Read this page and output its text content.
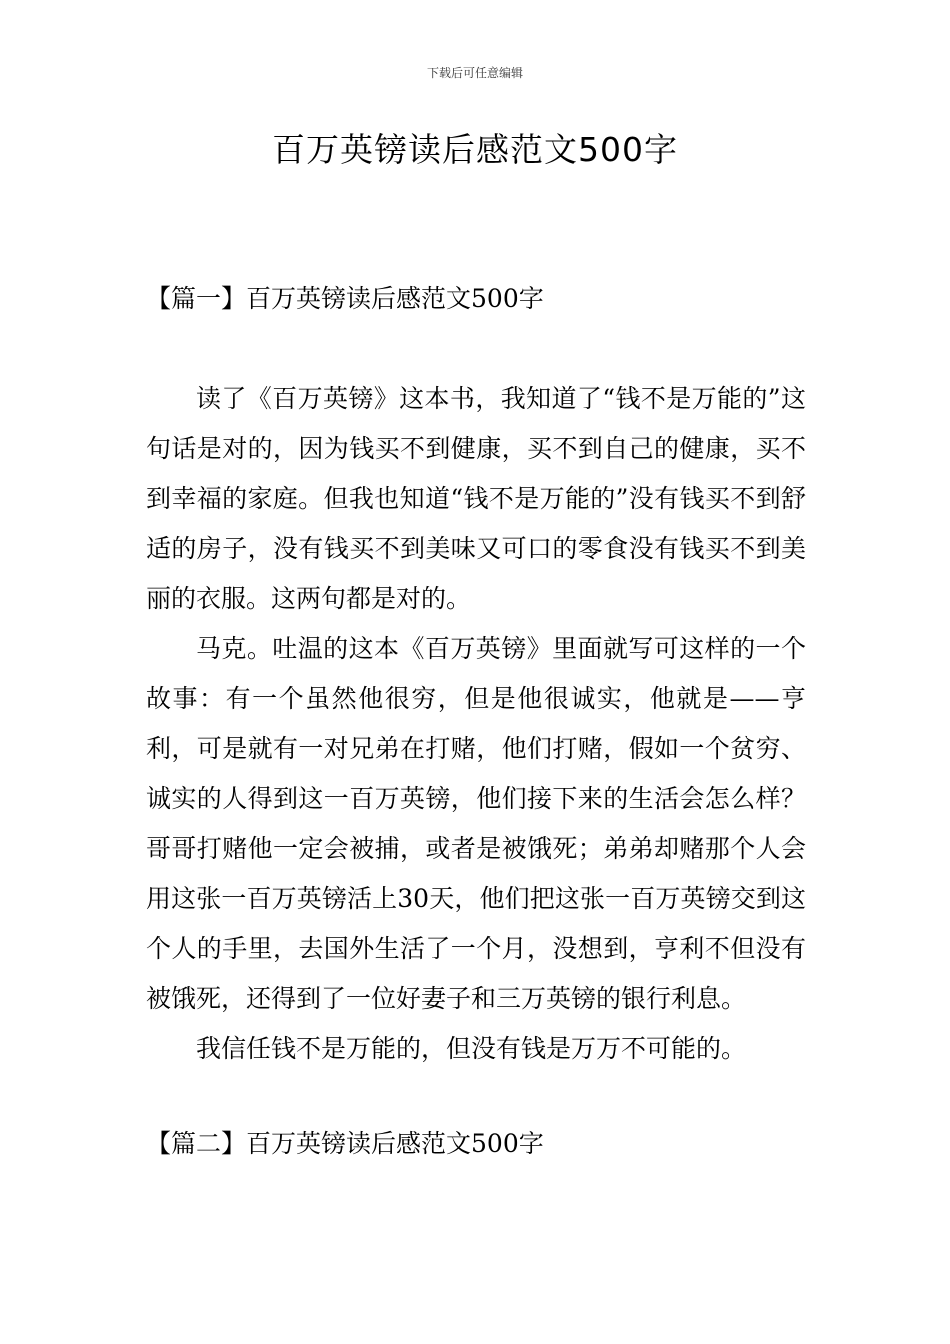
下载后可任意编辑
百万英镑读后感范文500字
【篇一】百万英镑读后感范文500字

读了《百万英镑》这本书，我知道了“钱不是万能的”这句话是对的，因为钱买不到健康，买不到自己的健康，买不到幸福的家庭。但我也知道“钱不是万能的”没有钱买不到舒适的房子，没有钱买不到美味又可口的零食没有钱买不到美丽的衣服。这两句都是对的。

马克。吐温的这本《百万英镑》里面就写可这样的一个故事：有一个虽然他很穷，但是他很诚实，他就是——亨利，可是就有一对兄弟在打赌，他们打赌，假如一个贫穷、诚实的人得到这一百万英镑，他们接下来的生活会怎么样？哥哥打赌他一定会被捕，或者是被饿死；弟弟却赌那个人会用这张一百万英镑活上30天，他们把这张一百万英镑交到这个人的手里，去国外生活了一个月，没想到，亨利不但没有被饿死，还得到了一位好妻子和三万英镑的银行利息。

我信任钱不是万能的，但没有钱是万万不可能的。

【篇二】百万英镑读后感范文500字
